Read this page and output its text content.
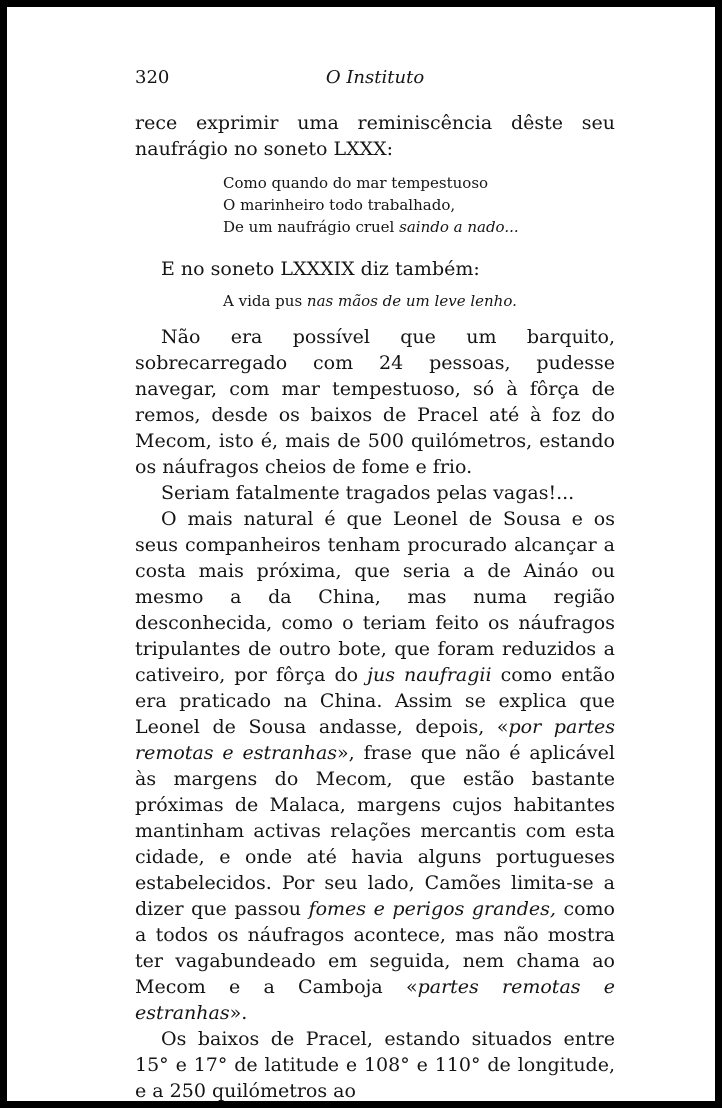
320	O Instituto

rece exprimir uma reminiscência dêste seu naufrágio no soneto LXXX:

Como quando do mar tempestuoso
O marinheiro todo trabalhado,
De um naufrágio cruel saindo a nado...

E no soneto LXXXIX diz também:

A vida pus nas mãos de um leve lenho.

Não era possível que um barquito, sobrecarregado com 24 pessoas, pudesse navegar, com mar tempestuoso, só à fôrça de remos, desde os baixos de Pracel até à foz do Mecom, isto é, mais de 500 quilómetros, estando os náufragos cheios de fome e frio.

Seriam fatalmente tragados pelas vagas!...

O mais natural é que Leonel de Sousa e os seus companheiros tenham procurado alcançar a costa mais próxima, que seria a de Aináo ou mesmo a da China, mas numa região desconhecida, como o teriam feito os náufragos tripulantes de outro bote, que foram reduzidos a cativeiro, por fôrça do jus naufragii como então era praticado na China. Assim se explica que Leonel de Sousa andasse, depois, «por partes remotas e estranhas», frase que não é aplicável às margens do Mecom, que estão bastante próximas de Malaca, margens cujos habitantes mantinham activas relações mercantis com esta cidade, e onde até havia alguns portugueses estabelecidos. Por seu lado, Camões limita-se a dizer que passou fomes e perigos grandes, como a todos os náufragos acontece, mas não mostra ter vagabundeado em seguida, nem chama ao Mecom e a Camboja «partes remotas e estranhas».

Os baixos de Pracel, estando situados entre 15° e 17° de latitude e 108° e 110° de longitude, e a 250 quilómetros ao
